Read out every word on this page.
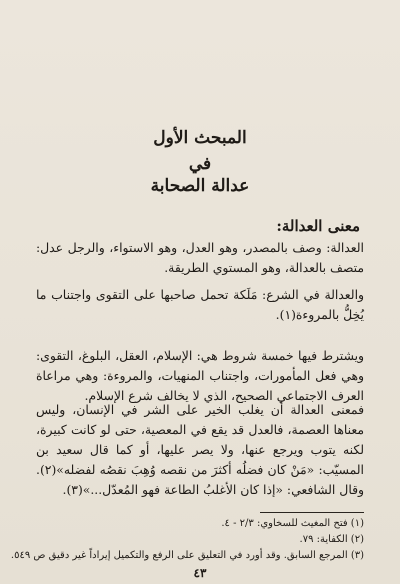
المبحث الأول
في
عدالة الصحابة
معنى العدالة:

العدالة: وصف بالمصدر، وهو العدل، وهو الاستواء، والرجل عدل: متصف بالعدالة، وهو المستوي الطريقة.

والعدالة في الشرع: مَلَكة تحمل صاحبها على التقوى واجتناب ما يُخِلُّ بالمروءة(١).

ويشترط فيها خمسة شروط هي: الإسلام، العقل، البلوغ، التقوى: وهي فعل المأمورات، واجتناب المنهيات، والمروءة: وهي مراعاة العرف الاجتماعي الصحيح، الذي لا يخالف شرع الإسلام.

فمعنى العدالة أن يغلب الخير على الشر في الإنسان، وليس معناها العصمة، فالعدل قد يقع في المعصية، حتى لو كانت كبيرة، لكنه يتوب ويرجع عنها، ولا يصر عليها، أو كما قال سعيد بن المسيّب: «مَنْ كان فضلُه أكثرَ من نقصه وُهِبَ نقصُه لفضله»(٢). وقال الشافعي: «إذا كان الأغلبُ الطاعة فهو المُعدّل...»(٣).

(١) فتح المغيث للسخاوي: ٢/٣ - ٤.
(٢) الكفاية: ٧٩.
(٣) المرجع السابق. وقد أورد في التعليق على الرفع والتكميل إيراداً غير دقيق ص ٥٤٩.
٤٣
